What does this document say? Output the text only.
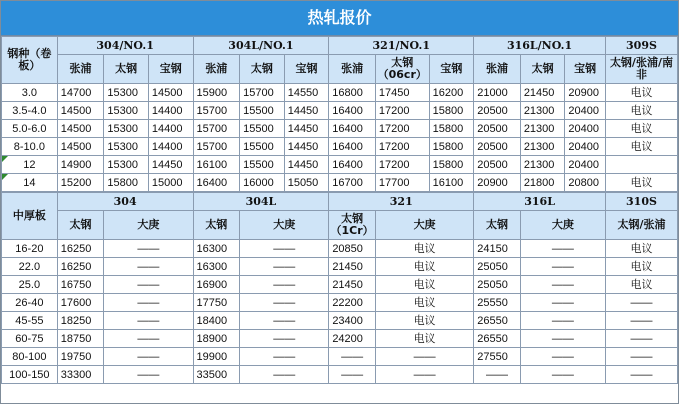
热轧报价
钢种（卷板）	304/NO.1			304L/NO.1			321/NO.1			316L/NO.1			309S
	张浦	太钢	宝钢	张浦	太钢	宝钢	张浦	太钢（06cr）	宝钢	张浦	太钢	宝钢	太钢/张浦/南非
3.0	14700	15300	14500	15900	15700	14550	16800	17450	16200	21000	21450	20900	电议
3.5-4.0	14500	15300	14400	15700	15500	14450	16400	17200	15800	20500	21300	20400	电议
5.0-6.0	14500	15300	14400	15700	15500	14450	16400	17200	15800	20500	21300	20400	电议
8-10.0	14500	15300	14400	15700	15500	14450	16400	17200	15800	20500	21300	20400	电议
12	14900	15300	14450	16100	15500	14450	16400	17200	15800	20500	21300	20400	
14	15200	15800	15000	16400	16000	15050	16700	17700	16100	20900	21800	20800	电议
中厚板	304		304L		321		316L		310S
	太钢	大庚	太钢	大庚	太钢（1Cr）	大庚	太钢	大庚	太钢/张浦
16-20	16250	——	16300	——	20850	电议	24150	——	电议
22.0	16250	——	16300	——	21450	电议	25050	——	电议
25.0	16750	——	16900	——	21450	电议	25050	——	电议
26-40	17600	——	17750	——	22200	电议	25550	——	——
45-55	18250	——	18400	——	23400	电议	26550	——	——
60-75	18750	——	18900	——	24200	电议	26550	——	——
80-100	19750	——	19900	——	——	——	27550	——	——
100-150	33300	——	33500	——	——	——	——	——	——
